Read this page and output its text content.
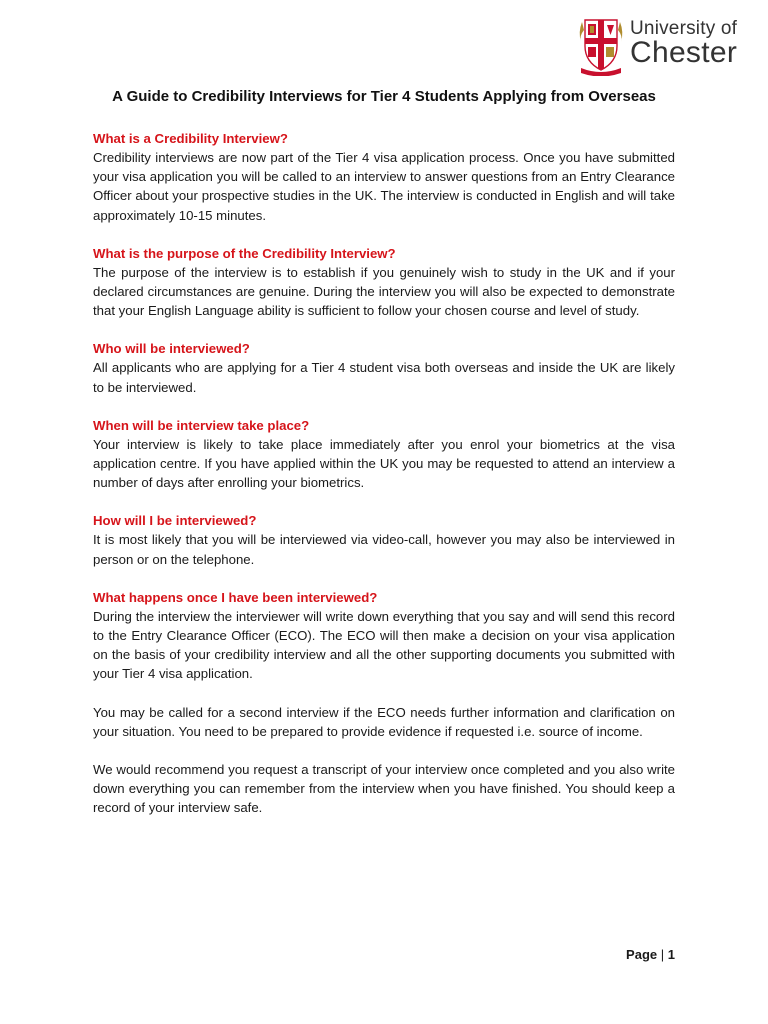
University of
Chester
A Guide to Credibility Interviews for Tier 4 Students Applying from Overseas

What is a Credibility Interview?

Credibility interviews are now part of the Tier 4 visa application process. Once you have submitted your visa application you will be called to an interview to answer questions from an Entry Clearance Officer about your prospective studies in the UK. The interview is conducted in English and will take approximately 10-15 minutes.

What is the purpose of the Credibility Interview?

The purpose of the interview is to establish if you genuinely wish to study in the UK and if your declared circumstances are genuine. During the interview you will also be expected to demonstrate that your English Language ability is sufficient to follow your chosen course and level of study.

Who will be interviewed?

All applicants who are applying for a Tier 4 student visa both overseas and inside the UK are likely to be interviewed.

When will be interview take place?

Your interview is likely to take place immediately after you enrol your biometrics at the visa application centre. If you have applied within the UK you may be requested to attend an interview a number of days after enrolling your biometrics.

How will I be interviewed?

It is most likely that you will be interviewed via video-call, however you may also be interviewed in person or on the telephone.

What happens once I have been interviewed?

During the interview the interviewer will write down everything that you say and will send this record to the Entry Clearance Officer (ECO). The ECO will then make a decision on your visa application on the basis of your credibility interview and all the other supporting documents you submitted with your Tier 4 visa application.

You may be called for a second interview if the ECO needs further information and clarification on your situation. You need to be prepared to provide evidence if requested i.e. source of income.

We would recommend you request a transcript of your interview once completed and you also write down everything you can remember from the interview when you have finished. You should keep a record of your interview safe.

Page | 1
